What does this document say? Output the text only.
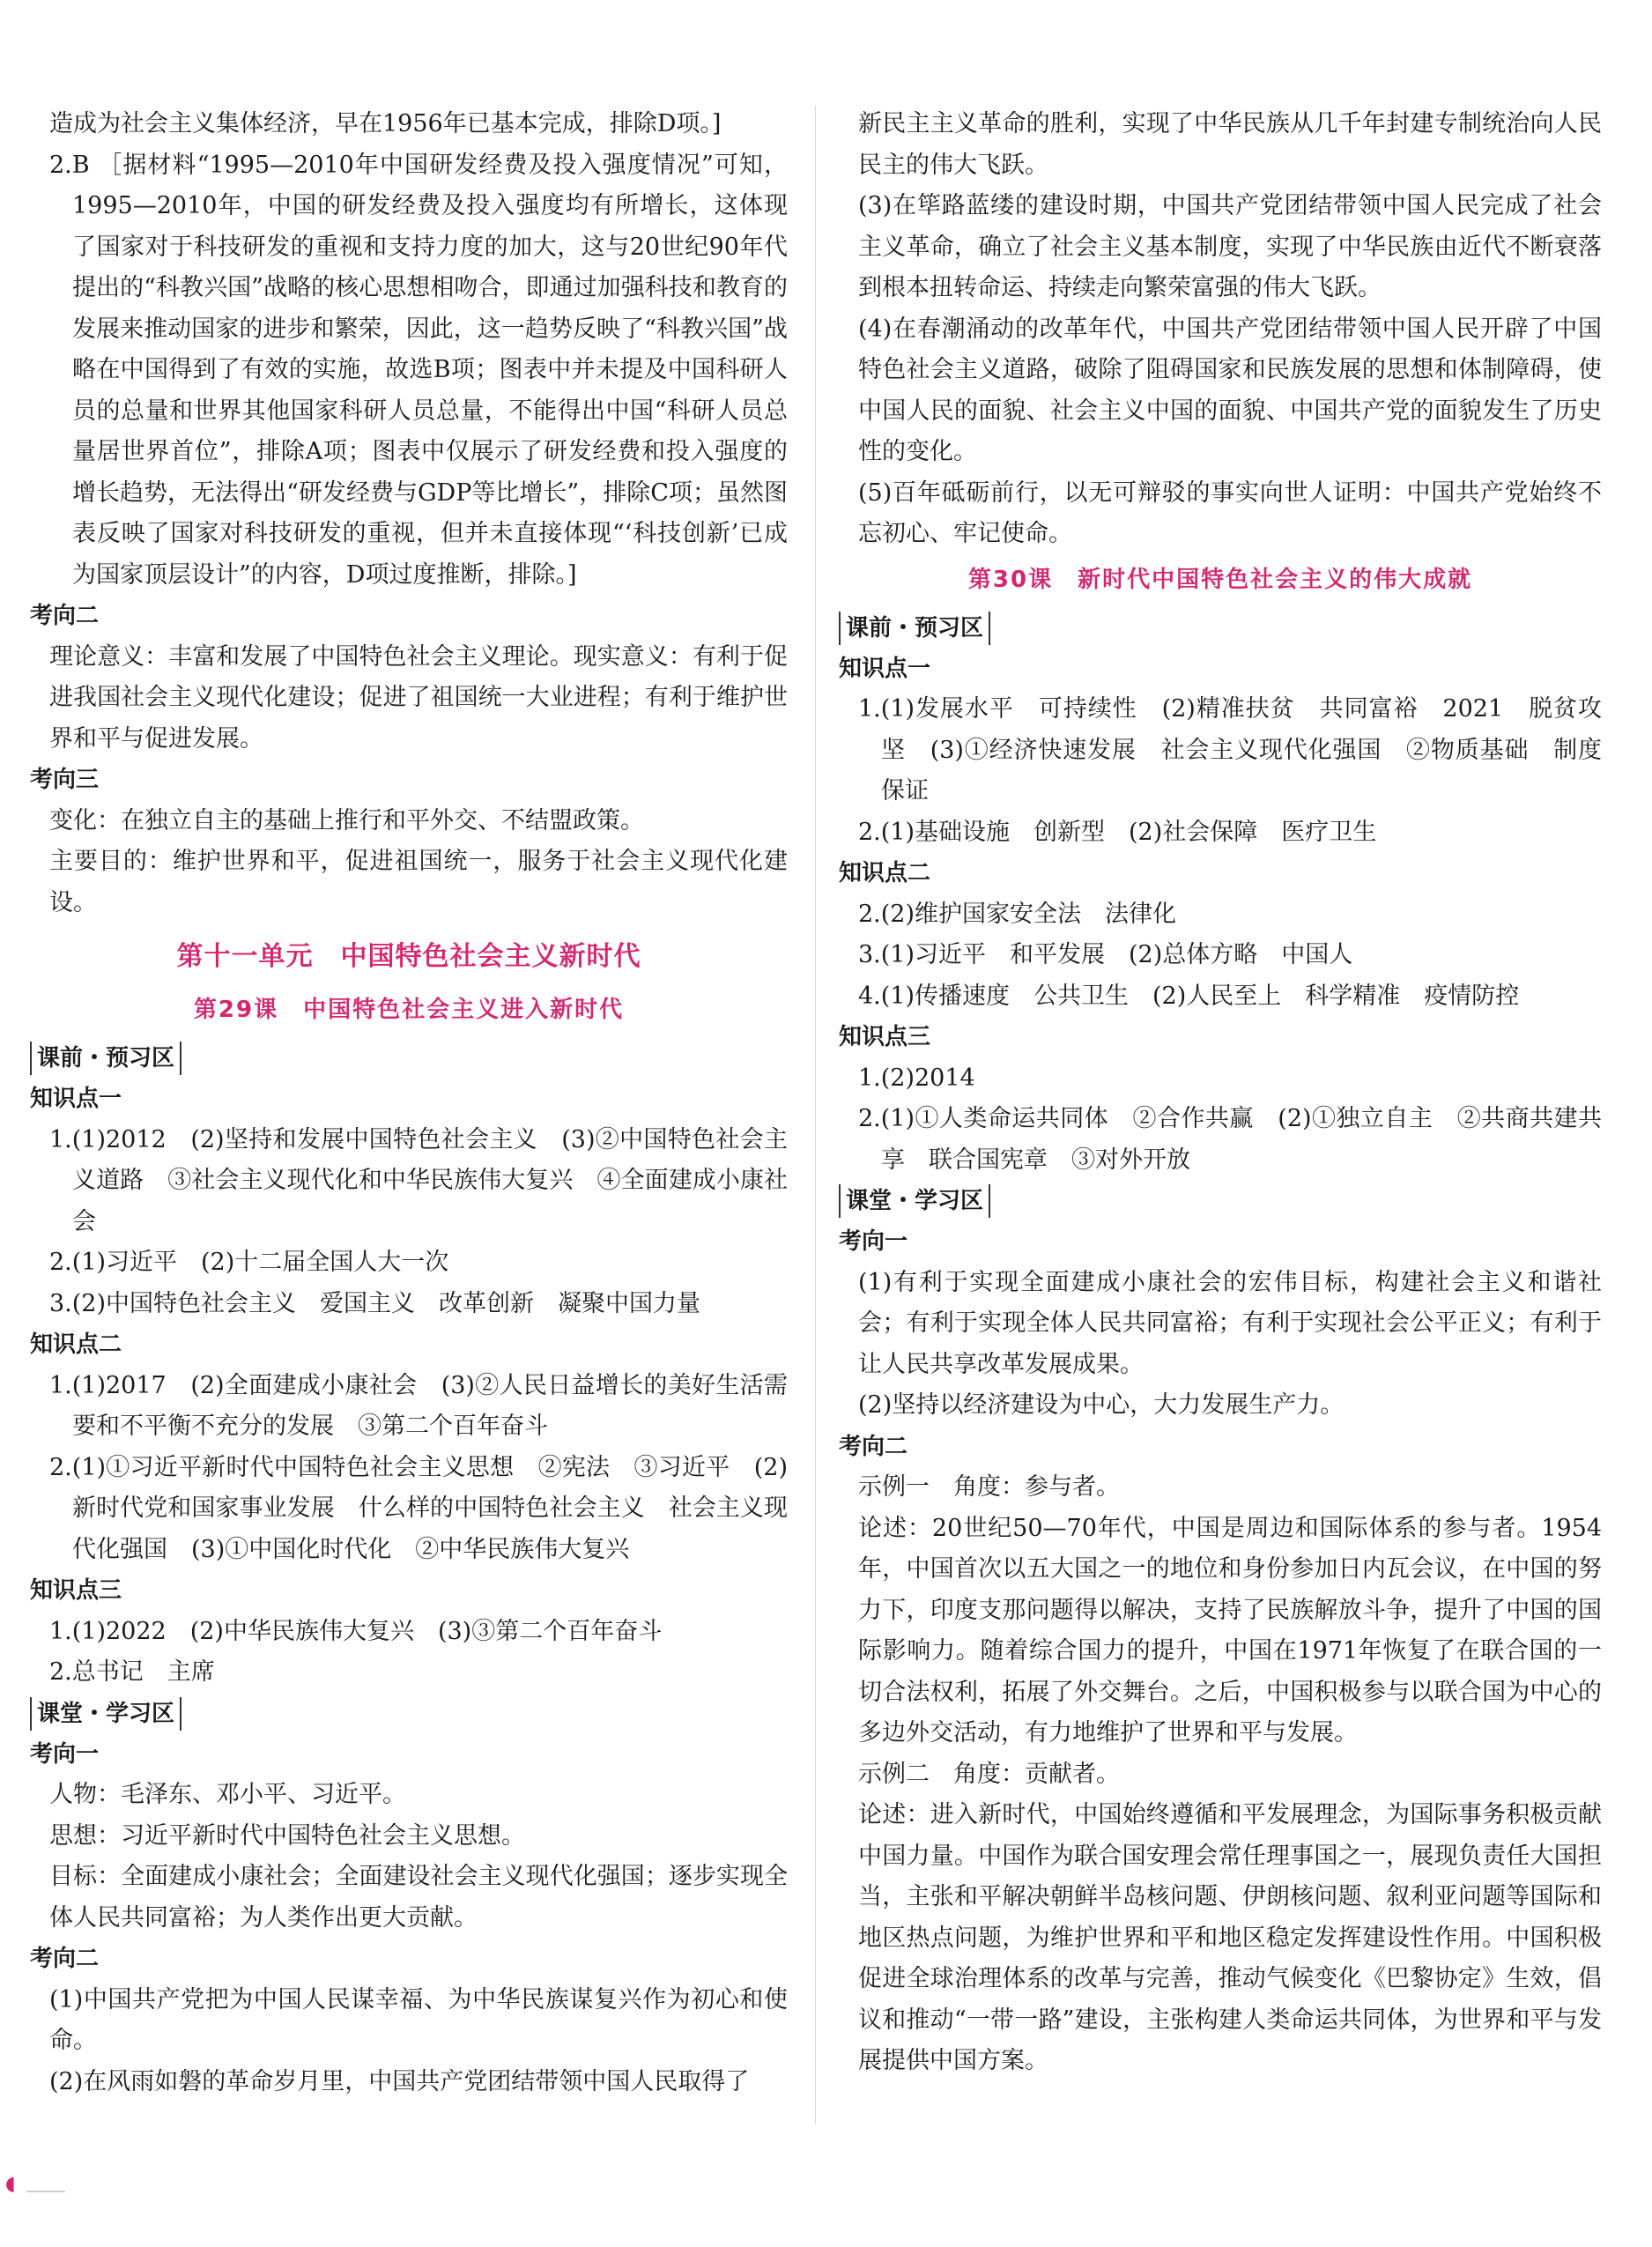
造成为社会主义集体经济，早在1956年已基本完成，排除D项。]

2.B ［据材料“1995—2010年中国研发经费及投入强度情况”可知，1995—2010年，中国的研发经费及投入强度均有所增长，这体现了国家对于科技研发的重视和支持力度的加大，这与20世纪90年代提出的“科教兴国”战略的核心思想相吻合，即通过加强科技和教育的发展来推动国家的进步和繁荣，因此，这一趋势反映了“科教兴国”战略在中国得到了有效的实施，故选B项；图表中并未提及中国科研人员的总量和世界其他国家科研人员总量，不能得出中国“科研人员总量居世界首位”，排除A项；图表中仅展示了研发经费和投入强度的增长趋势，无法得出“研发经费与GDP等比增长”，排除C项；虽然图表反映了国家对科技研发的重视，但并未直接体现“‘科技创新’已成为国家顶层设计”的内容，D项过度推断，排除。]

考向二

理论意义：丰富和发展了中国特色社会主义理论。现实意义：有利于促进我国社会主义现代化建设；促进了祖国统一大业进程；有利于维护世界和平与促进发展。

考向三

变化：在独立自主的基础上推行和平外交、不结盟政策。

主要目的：维护世界和平，促进祖国统一，服务于社会主义现代化建设。

第十一单元　中国特色社会主义新时代

第29课　中国特色社会主义进入新时代

课前・预习区

知识点一

1.(1)2012　(2)坚持和发展中国特色社会主义　(3)②中国特色社会主义道路　③社会主义现代化和中华民族伟大复兴　④全面建成小康社会

2.(1)习近平　(2)十二届全国人大一次

3.(2)中国特色社会主义　爱国主义　改革创新　凝聚中国力量

知识点二

1.(1)2017　(2)全面建成小康社会　(3)②人民日益增长的美好生活需要和不平衡不充分的发展　③第二个百年奋斗

2.(1)①习近平新时代中国特色社会主义思想　②宪法　③习近平　(2)新时代党和国家事业发展　什么样的中国特色社会主义　社会主义现代化强国　(3)①中国化时代化　②中华民族伟大复兴

知识点三

1.(1)2022　(2)中华民族伟大复兴　(3)③第二个百年奋斗

2.总书记　主席

课堂・学习区

考向一

人物：毛泽东、邓小平、习近平。

思想：习近平新时代中国特色社会主义思想。

目标：全面建成小康社会；全面建设社会主义现代化强国；逐步实现全体人民共同富裕；为人类作出更大贡献。

考向二

(1)中国共产党把为中国人民谋幸福、为中华民族谋复兴作为初心和使命。

(2)在风雨如磐的革命岁月里，中国共产党团结带领中国人民取得了

新民主主义革命的胜利，实现了中华民族从几千年封建专制统治向人民民主的伟大飞跃。

(3)在筚路蓝缕的建设时期，中国共产党团结带领中国人民完成了社会主义革命，确立了社会主义基本制度，实现了中华民族由近代不断衰落到根本扭转命运、持续走向繁荣富强的伟大飞跃。

(4)在春潮涌动的改革年代，中国共产党团结带领中国人民开辟了中国特色社会主义道路，破除了阻碍国家和民族发展的思想和体制障碍，使中国人民的面貌、社会主义中国的面貌、中国共产党的面貌发生了历史性的变化。

(5)百年砥砺前行，以无可辩驳的事实向世人证明：中国共产党始终不忘初心、牢记使命。

第30课　新时代中国特色社会主义的伟大成就

课前・预习区

知识点一

1.(1)发展水平　可持续性　(2)精准扶贫　共同富裕　2021　脱贫攻坚　(3)①经济快速发展　社会主义现代化强国　②物质基础　制度保证

2.(1)基础设施　创新型　(2)社会保障　医疗卫生

知识点二

2.(2)维护国家安全法　法律化

3.(1)习近平　和平发展　(2)总体方略　中国人

4.(1)传播速度　公共卫生　(2)人民至上　科学精准　疫情防控

知识点三

1.(2)2014

2.(1)①人类命运共同体　②合作共赢　(2)①独立自主　②共商共建共享　联合国宪章　③对外开放

课堂・学习区

考向一

(1)有利于实现全面建成小康社会的宏伟目标，构建社会主义和谐社会；有利于实现全体人民共同富裕；有利于实现社会公平正义；有利于让人民共享改革发展成果。

(2)坚持以经济建设为中心，大力发展生产力。

考向二

示例一　角度：参与者。

论述：20世纪50—70年代，中国是周边和国际体系的参与者。1954年，中国首次以五大国之一的地位和身份参加日内瓦会议，在中国的努力下，印度支那问题得以解决，支持了民族解放斗争，提升了中国的国际影响力。随着综合国力的提升，中国在1971年恢复了在联合国的一切合法权利，拓展了外交舞台。之后，中国积极参与以联合国为中心的多边外交活动，有力地维护了世界和平与发展。

示例二　角度：贡献者。

论述：进入新时代，中国始终遵循和平发展理念，为国际事务积极贡献中国力量。中国作为联合国安理会常任理事国之一，展现负责任大国担当，主张和平解决朝鲜半岛核问题、伊朗核问题、叙利亚问题等国际和地区热点问题，为维护世界和平和地区稳定发挥建设性作用。中国积极促进全球治理体系的改革与完善，推动气候变化《巴黎协定》生效，倡议和推动“一带一路”建设，主张构建人类命运共同体，为世界和平与发展提供中国方案。

◖
